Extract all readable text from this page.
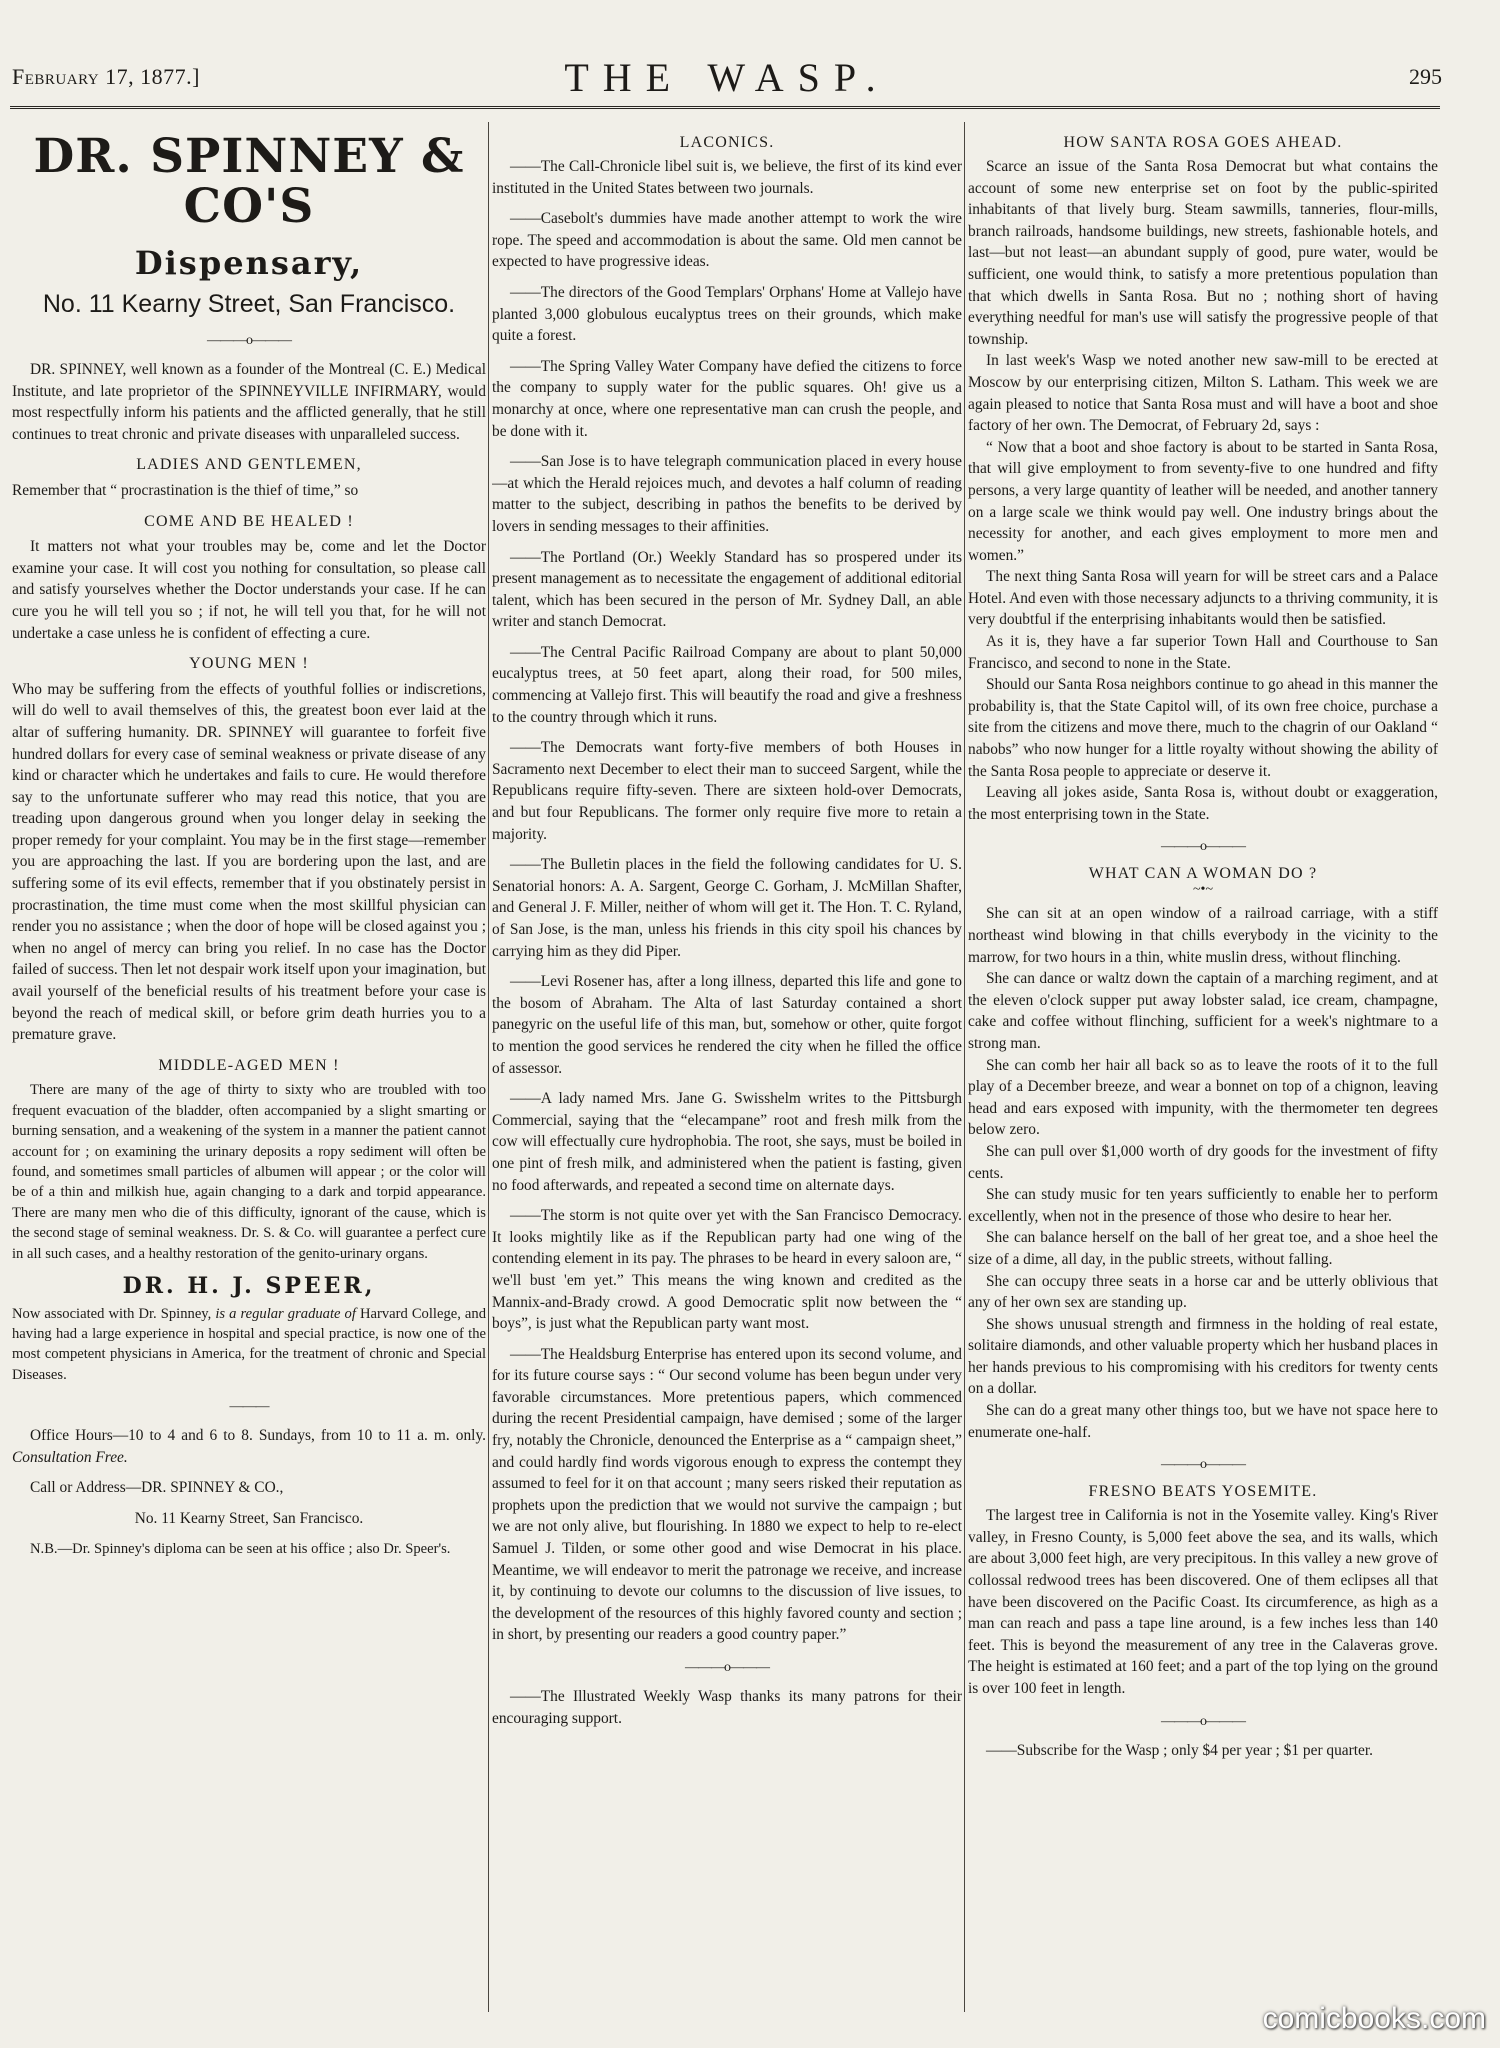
February 17, 1877.]	THE WASP.	295
DR. SPINNEY & CO'S
Dispensary,
No. 11 Kearny Street, San Francisco.
———o———

DR. SPINNEY, well known as a founder of the Montreal (C. E.) Medical Institute, and late proprietor of the SPINNEYVILLE INFIRMARY, would most respectfully inform his patients and the afflicted generally, that he still continues to treat chronic and private diseases with unparalleled success.

LADIES AND GENTLEMEN,

Remember that “ procrastination is the thief of time,” so

COME AND BE HEALED !

It matters not what your troubles may be, come and let the Doctor examine your case. It will cost you nothing for consultation, so please call and satisfy yourselves whether the Doctor understands your case. If he can cure you he will tell you so ; if not, he will tell you that, for he will not undertake a case unless he is confident of effecting a cure.

YOUNG MEN !

Who may be suffering from the effects of youthful follies or indiscretions, will do well to avail themselves of this, the greatest boon ever laid at the altar of suffering humanity. DR. SPINNEY will guarantee to forfeit five hundred dollars for every case of seminal weakness or private disease of any kind or character which he undertakes and fails to cure. He would therefore say to the unfortunate sufferer who may read this notice, that you are treading upon dangerous ground when you longer delay in seeking the proper remedy for your complaint. You may be in the first stage—remember you are approaching the last. If you are bordering upon the last, and are suffering some of its evil effects, remember that if you obstinately persist in procrastination, the time must come when the most skillful physician can render you no assistance ; when the door of hope will be closed against you ; when no angel of mercy can bring you relief. In no case has the Doctor failed of success. Then let not despair work itself upon your imagination, but avail yourself of the beneficial results of his treatment before your case is beyond the reach of medical skill, or before grim death hurries you to a premature grave.

MIDDLE-AGED MEN !

There are many of the age of thirty to sixty who are troubled with too frequent evacuation of the bladder, often accompanied by a slight smarting or burning sensation, and a weakening of the system in a manner the patient cannot account for ; on examining the urinary deposits a ropy sediment will often be found, and sometimes small particles of albumen will appear ; or the color will be of a thin and milkish hue, again changing to a dark and torpid appearance. There are many men who die of this difficulty, ignorant of the cause, which is the second stage of seminal weakness. Dr. S. & Co. will guarantee a perfect cure in all such cases, and a healthy restoration of the genito-urinary organs.

DR. H. J. SPEER,

Now associated with Dr. Spinney, is a regular graduate of Harvard College, and having had a large experience in hospital and special practice, is now one of the most competent physicians in America, for the treatment of chronic and Special Diseases.

———

Office Hours—10 to 4 and 6 to 8. Sundays, from 10 to 11 a. m. only. Consultation Free.

Call or Address—DR. SPINNEY & CO.,

No. 11 Kearny Street, San Francisco.

N.B.—Dr. Spinney's diploma can be seen at his office ; also Dr. Speer's.

LACONICS.

——The Call-Chronicle libel suit is, we believe, the first of its kind ever instituted in the United States between two journals.

——Casebolt's dummies have made another attempt to work the wire rope. The speed and accommodation is about the same. Old men cannot be expected to have progressive ideas.

——The directors of the Good Templars' Orphans' Home at Vallejo have planted 3,000 globulous eucalyptus trees on their grounds, which make quite a forest.

——The Spring Valley Water Company have defied the citizens to force the company to supply water for the public squares. Oh! give us a monarchy at once, where one representative man can crush the people, and be done with it.

——San Jose is to have telegraph communication placed in every house—at which the Herald rejoices much, and devotes a half column of reading matter to the subject, describing in pathos the benefits to be derived by lovers in sending messages to their affinities.

——The Portland (Or.) Weekly Standard has so prospered under its present management as to necessitate the engagement of additional editorial talent, which has been secured in the person of Mr. Sydney Dall, an able writer and stanch Democrat.

——The Central Pacific Railroad Company are about to plant 50,000 eucalyptus trees, at 50 feet apart, along their road, for 500 miles, commencing at Vallejo first. This will beautify the road and give a freshness to the country through which it runs.

——The Democrats want forty-five members of both Houses in Sacramento next December to elect their man to succeed Sargent, while the Republicans require fifty-seven. There are sixteen hold-over Democrats, and but four Republicans. The former only require five more to retain a majority.

——The Bulletin places in the field the following candidates for U. S. Senatorial honors: A. A. Sargent, George C. Gorham, J. McMillan Shafter, and General J. F. Miller, neither of whom will get it. The Hon. T. C. Ryland, of San Jose, is the man, unless his friends in this city spoil his chances by carrying him as they did Piper.

——Levi Rosener has, after a long illness, departed this life and gone to the bosom of Abraham. The Alta of last Saturday contained a short panegyric on the useful life of this man, but, somehow or other, quite forgot to mention the good services he rendered the city when he filled the office of assessor.

——A lady named Mrs. Jane G. Swisshelm writes to the Pittsburgh Commercial, saying that the “elecampane” root and fresh milk from the cow will effectually cure hydrophobia. The root, she says, must be boiled in one pint of fresh milk, and administered when the patient is fasting, given no food afterwards, and repeated a second time on alternate days.

——The storm is not quite over yet with the San Francisco Democracy. It looks mightily like as if the Republican party had one wing of the contending element in its pay. The phrases to be heard in every saloon are, “ we'll bust 'em yet.” This means the wing known and credited as the Mannix-and-Brady crowd. A good Democratic split now between the “ boys”, is just what the Republican party want most.

——The Healdsburg Enterprise has entered upon its second volume, and for its future course says : “ Our second volume has been begun under very favorable circumstances. More pretentious papers, which commenced during the recent Presidential campaign, have demised ; some of the larger fry, notably the Chronicle, denounced the Enterprise as a “ campaign sheet,” and could hardly find words vigorous enough to express the contempt they assumed to feel for it on that account ; many seers risked their reputation as prophets upon the prediction that we would not survive the campaign ; but we are not only alive, but flourishing. In 1880 we expect to help to re-elect Samuel J. Tilden, or some other good and wise Democrat in his place. Meantime, we will endeavor to merit the patronage we receive, and increase it, by continuing to devote our columns to the discussion of live issues, to the development of the resources of this highly favored county and section ; in short, by presenting our readers a good country paper.”

———o———

——The Illustrated Weekly Wasp thanks its many patrons for their encouraging support.

HOW SANTA ROSA GOES AHEAD.

Scarce an issue of the Santa Rosa Democrat but what contains the account of some new enterprise set on foot by the public-spirited inhabitants of that lively burg. Steam sawmills, tanneries, flour-mills, branch railroads, handsome buildings, new streets, fashionable hotels, and last—but not least—an abundant supply of good, pure water, would be sufficient, one would think, to satisfy a more pretentious population than that which dwells in Santa Rosa. But no ; nothing short of having everything needful for man's use will satisfy the progressive people of that township.

In last week's Wasp we noted another new saw-mill to be erected at Moscow by our enterprising citizen, Milton S. Latham. This week we are again pleased to notice that Santa Rosa must and will have a boot and shoe factory of her own. The Democrat, of February 2d, says :

“ Now that a boot and shoe factory is about to be started in Santa Rosa, that will give employment to from seventy-five to one hundred and fifty persons, a very large quantity of leather will be needed, and another tannery on a large scale we think would pay well. One industry brings about the necessity for another, and each gives employment to more men and women.”

The next thing Santa Rosa will yearn for will be street cars and a Palace Hotel. And even with those necessary adjuncts to a thriving community, it is very doubtful if the enterprising inhabitants would then be satisfied.

As it is, they have a far superior Town Hall and Courthouse to San Francisco, and second to none in the State.

Should our Santa Rosa neighbors continue to go ahead in this manner the probability is, that the State Capitol will, of its own free choice, purchase a site from the citizens and move there, much to the chagrin of our Oakland “ nabobs” who now hunger for a little royalty without showing the ability of the Santa Rosa people to appreciate or deserve it.

Leaving all jokes aside, Santa Rosa is, without doubt or exaggeration, the most enterprising town in the State.

———o———
WHAT CAN A WOMAN DO ?
~•~

She can sit at an open window of a railroad carriage, with a stiff northeast wind blowing in that chills everybody in the vicinity to the marrow, for two hours in a thin, white muslin dress, without flinching.

She can dance or waltz down the captain of a marching regiment, and at the eleven o'clock supper put away lobster salad, ice cream, champagne, cake and coffee without flinching, sufficient for a week's nightmare to a strong man.

She can comb her hair all back so as to leave the roots of it to the full play of a December breeze, and wear a bonnet on top of a chignon, leaving head and ears exposed with impunity, with the thermometer ten degrees below zero.

She can pull over $1,000 worth of dry goods for the investment of fifty cents.

She can study music for ten years sufficiently to enable her to perform excellently, when not in the presence of those who desire to hear her.

She can balance herself on the ball of her great toe, and a shoe heel the size of a dime, all day, in the public streets, without falling.

She can occupy three seats in a horse car and be utterly oblivious that any of her own sex are standing up.

She shows unusual strength and firmness in the holding of real estate, solitaire diamonds, and other valuable property which her husband places in her hands previous to his compromising with his creditors for twenty cents on a dollar.

She can do a great many other things too, but we have not space here to enumerate one-half.

———o———
FRESNO BEATS YOSEMITE.

The largest tree in California is not in the Yosemite valley. King's River valley, in Fresno County, is 5,000 feet above the sea, and its walls, which are about 3,000 feet high, are very precipitous. In this valley a new grove of collossal redwood trees has been discovered. One of them eclipses all that have been discovered on the Pacific Coast. Its circumference, as high as a man can reach and pass a tape line around, is a few inches less than 140 feet. This is beyond the measurement of any tree in the Calaveras grove. The height is estimated at 160 feet; and a part of the top lying on the ground is over 100 feet in length.

———o———

——Subscribe for the Wasp ; only $4 per year ; $1 per quarter.

comicbooks.com
